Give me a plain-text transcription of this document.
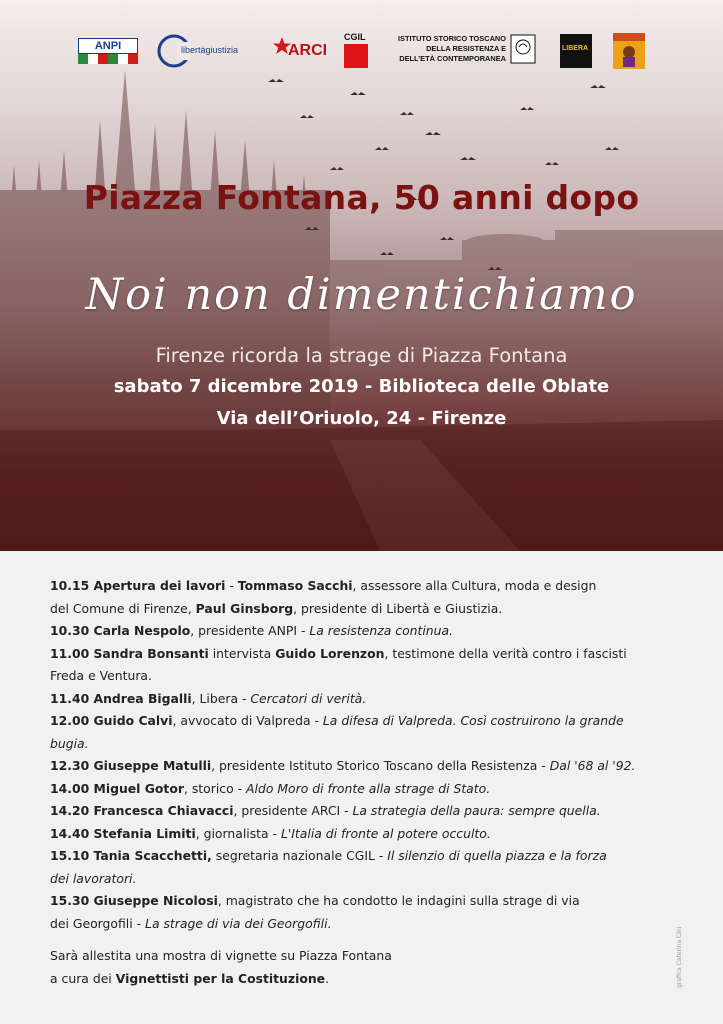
ANPI	libertàgiustizia	ARCI
CGIL	ISTITUTO STORICO TOSCANO
DELLA RESISTENZA E
DELL’ETÀ CONTEMPORANEA
LIBERA
Piazza Fontana, 50 anni dopo
Noi non dimentichiamo
Firenze ricorda la strage di Piazza Fontana
sabato 7 dicembre 2019 - Biblioteca delle Oblate
Via dell’Oriuolo, 24 - Firenze
10.15 Apertura dei lavori - Tommaso Sacchi, assessore alla Cultura, moda e design
del Comune di Firenze, Paul Ginsborg, presidente di Libertà e Giustizia.
10.30 Carla Nespolo, presidente ANPI - La resistenza continua.
11.00 Sandra Bonsanti intervista Guido Lorenzon, testimone della verità contro i fascisti
Freda e Ventura.
11.40 Andrea Bigalli, Libera - Cercatori di verità.
12.00 Guido Calvi, avvocato di Valpreda - La difesa di Valpreda. Così costruirono la grande
bugia.
12.30 Giuseppe Matulli, presidente Istituto Storico Toscano della Resistenza - Dal '68 al '92.
14.00 Miguel Gotor, storico - Aldo Moro di fronte alla strage di Stato.
14.20 Francesca Chiavacci, presidente ARCI - La strategia della paura: sempre quella.
14.40 Stefania Limiti, giornalista - L'Italia di fronte al potere occulto.
15.10 Tania Scacchetti, segretaria nazionale CGIL - Il silenzio di quella piazza e la forza
dei lavoratori.
15.30 Giuseppe Nicolosi, magistrato che ha condotto le indagini sulla strage di via
dei Georgofili - La strage di via dei Georgofili.
Sarà allestita una mostra di vignette su Piazza Fontana
a cura dei Vignettisti per la Costituzione.	grafica Caterina Cini
